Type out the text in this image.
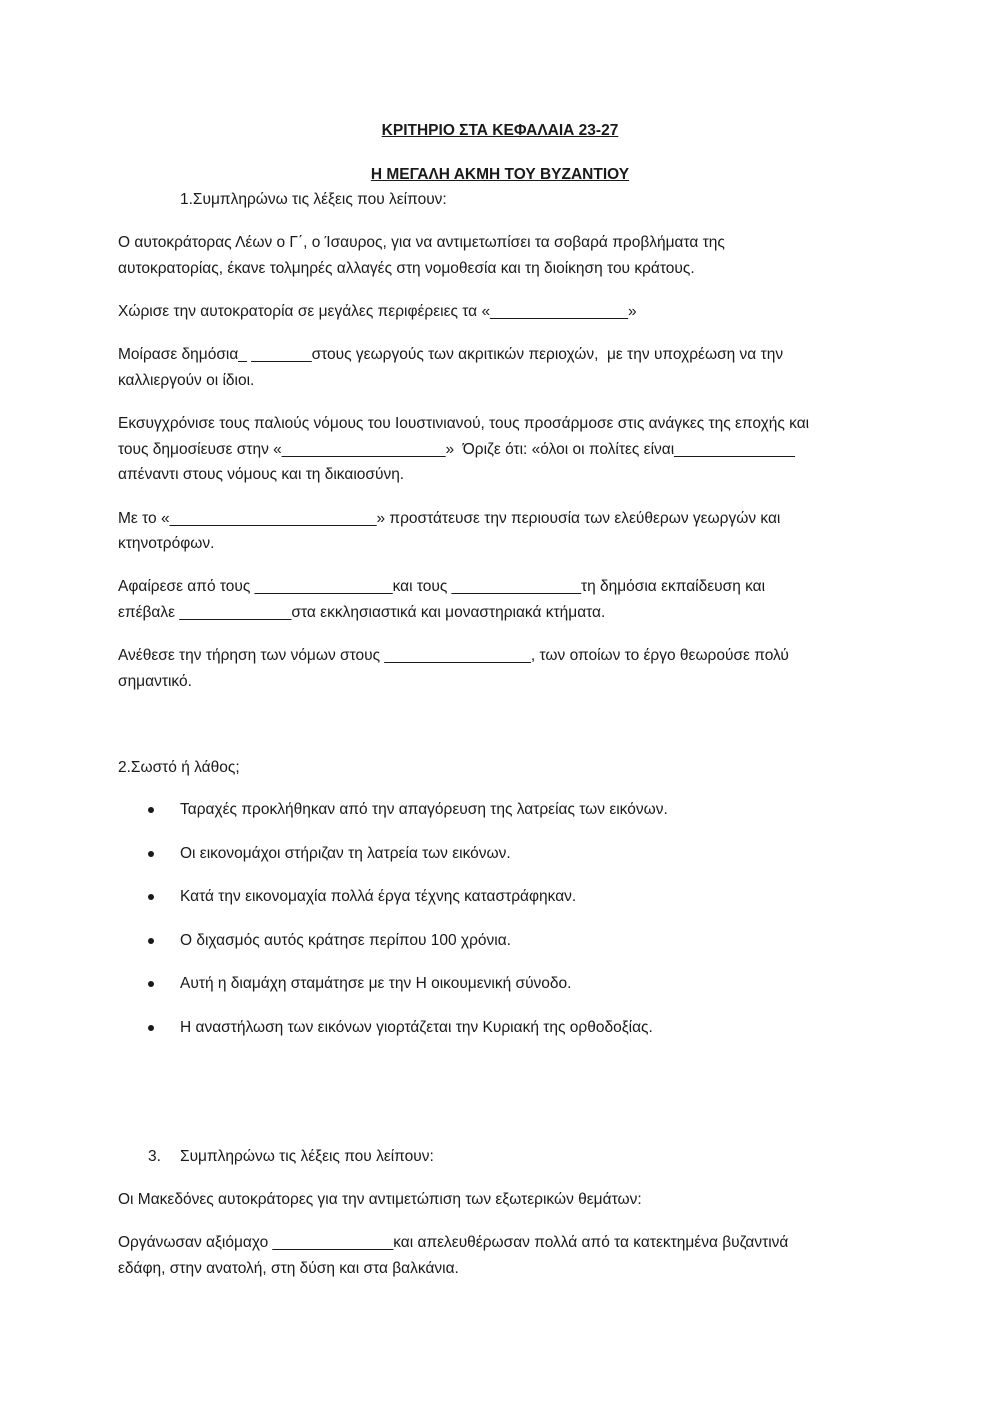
ΚΡΙΤΗΡΙΟ ΣΤΑ ΚΕΦΑΛΑΙΑ 23-27
Η ΜΕΓΑΛΗ ΑΚΜΗ ΤΟΥ ΒΥΖΑΝΤΙΟΥ
1.Συμπληρώνω τις λέξεις που λείπουν:
Ο αυτοκράτορας Λέων ο Γ΄, ο Ίσαυρος, για να αντιμετωπίσει τα σοβαρά προβλήματα της
αυτοκρατορίας, έκανε τολμηρές αλλαγές στη νομοθεσία και τη διοίκηση του κράτους.
Χώρισε την αυτοκρατορία σε μεγάλες περιφέρειες τα «________________»
Μοίρασε δημόσια_ _______στους γεωργούς των ακριτικών περιοχών,  με την υποχρέωση να την
καλλιεργούν οι ίδιοι.
Εκσυγχρόνισε τους παλιούς νόμους του Ιουστινιανού, τους προσάρμοσε στις ανάγκες της εποχής και
τους δημοσίευσε στην «___________________»  Όριζε ότι: «όλοι οι πολίτες είναι______________
απέναντι στους νόμους και τη δικαιοσύνη.
Με το «________________________» προστάτευσε την περιουσία των ελεύθερων γεωργών και
κτηνοτρόφων.
Αφαίρεσε από τους ________________και τους _______________τη δημόσια εκπαίδευση και
επέβαλε _____________στα εκκλησιαστικά και μοναστηριακά κτήματα.
Ανέθεσε την τήρηση των νόμων στους _________________, των οποίων το έργο θεωρούσε πολύ
σημαντικό.
2.Σωστό ή λάθος;
Ταραχές προκλήθηκαν από την απαγόρευση της λατρείας των εικόνων.
Οι εικονομάχοι στήριζαν τη λατρεία των εικόνων.
Κατά την εικονομαχία πολλά έργα τέχνης καταστράφηκαν.
Ο διχασμός αυτός κράτησε περίπου 100 χρόνια.
Αυτή η διαμάχη σταμάτησε με την Η οικουμενική σύνοδο.
Η αναστήλωση των εικόνων γιορτάζεται την Κυριακή της ορθοδοξίας.
3. Συμπληρώνω τις λέξεις που λείπουν:
Οι Μακεδόνες αυτοκράτορες για την αντιμετώπιση των εξωτερικών θεμάτων:
Οργάνωσαν αξιόμαχο ______________και απελευθέρωσαν πολλά από τα κατεκτημένα βυζαντινά
εδάφη, στην ανατολή, στη δύση και στα βαλκάνια.
